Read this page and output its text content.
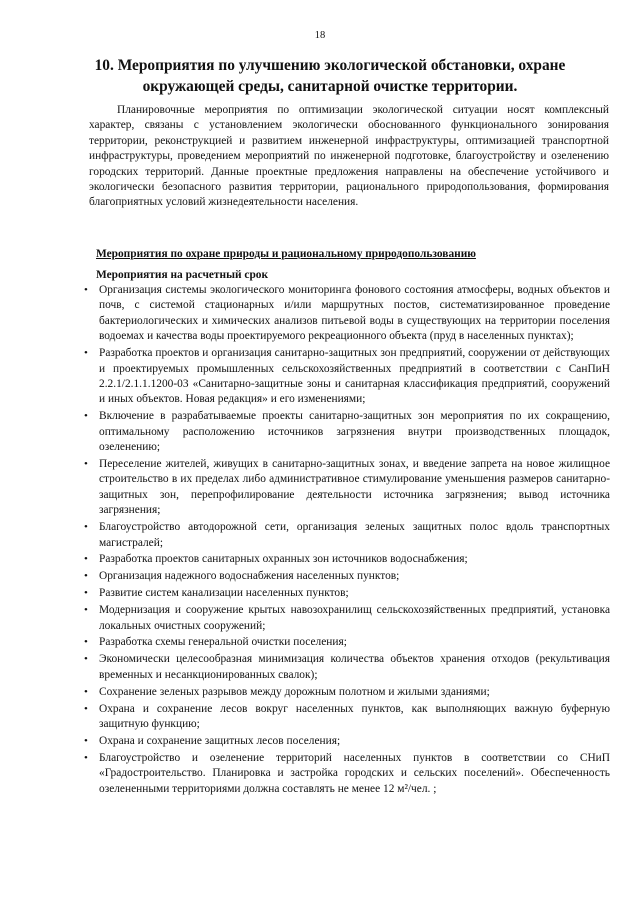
18
10. Мероприятия по улучшению экологической обстановки, охране окружающей среды, санитарной очистке территории.

Планировочные мероприятия по оптимизации экологической ситуации носят комплексный характер, связаны с установлением экологически обоснованного функционального зонирования территории, реконструкцией и развитием инженерной инфраструктуры, оптимизацией транспортной инфраструктуры, проведением мероприятий по инженерной подготовке, благоустройству и озеленению городских территорий. Данные проектные предложения направлены на обеспечение устойчивого и экологически безопасного развития территории, рационального природопользования, формирования благоприятных условий жизнедеятельности населения.

Мероприятия по охране природы и рациональному природопользованию

Мероприятия на расчетный срок

• Организация системы экологического мониторинга фонового состояния атмосферы, водных объектов и почв, с системой стационарных и/или маршрутных постов, систематизированное проведение бактериологических и химических анализов питьевой воды в существующих на территории поселения водоемах и качества воды проектируемого рекреационного объекта (пруд в населенных пунктах);
• Разработка проектов и организация санитарно-защитных зон предприятий, сооружении от действующих и проектируемых промышленных сельскохозяйственных предприятий в соответствии с СанПиН 2.2.1/2.1.1.1200-03 «Санитарно-защитные зоны и санитарная классификация предприятий, сооружений и иных объектов. Новая редакция» и его изменениями;
• Включение в разрабатываемые проекты санитарно-защитных зон мероприятия по их сокращению, оптимальному расположению источников загрязнения внутри производственных площадок, озеленению;
• Переселение жителей, живущих в санитарно-защитных зонах, и введение запрета на новое жилищное строительство в их пределах либо административное стимулирование уменьшения размеров санитарно-защитных зон, перепрофилирование деятельности источника загрязнения; вывод источника загрязнения;
• Благоустройство автодорожной сети, организация зеленых защитных полос вдоль транспортных магистралей;
• Разработка проектов санитарных охранных зон источников водоснабжения;
• Организация надежного водоснабжения населенных пунктов;
• Развитие систем канализации населенных пунктов;
• Модернизация и сооружение крытых навозохранилищ сельскохозяйственных предприятий, установка локальных очистных сооружений;
• Разработка схемы генеральной очистки поселения;
• Экономически целесообразная минимизация количества объектов хранения отходов (рекультивация временных и несанкционированных свалок);
• Сохранение зеленых разрывов между дорожным полотном и жилыми зданиями;
• Охрана и сохранение лесов вокруг населенных пунктов, как выполняющих важную буферную защитную функцию;
• Охрана и сохранение защитных лесов поселения;
• Благоустройство и озеленение территорий населенных пунктов в соответствии со СНиП «Градостроительство. Планировка и застройка городских и сельских поселений». Обеспеченность озелененными территориями должна составлять не менее 12 м²/чел. ;
